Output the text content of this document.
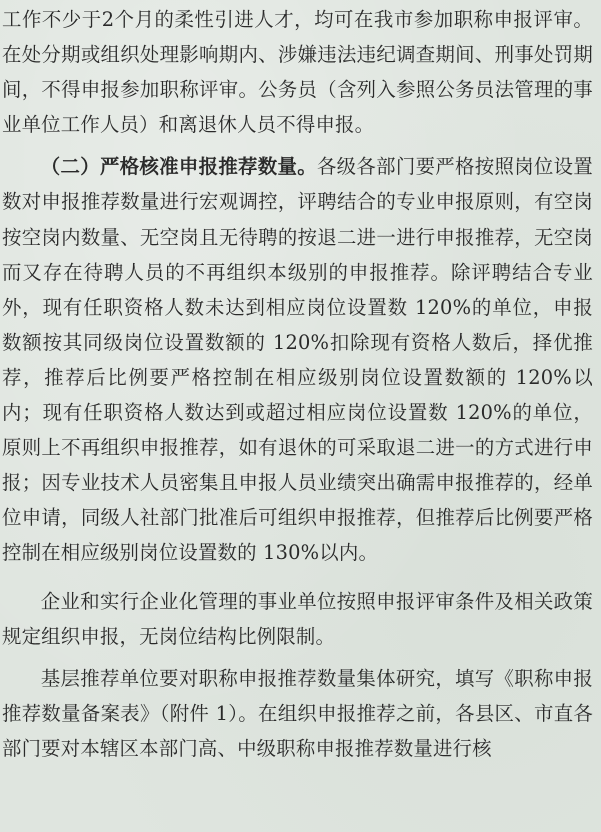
工作不少于2个月的柔性引进人才，均可在我市参加职称申报评审。在处分期或组织处理影响期内、涉嫌违法违纪调查期间、刑事处罚期间，不得申报参加职称评审。公务员（含列入参照公务员法管理的事业单位工作人员）和离退休人员不得申报。

（二）严格核准申报推荐数量。各级各部门要严格按照岗位设置数对申报推荐数量进行宏观调控，评聘结合的专业申报原则，有空岗按空岗内数量、无空岗且无待聘的按退二进一进行申报推荐，无空岗而又存在待聘人员的不再组织本级别的申报推荐。除评聘结合专业外，现有任职资格人数未达到相应岗位设置数 120%的单位，申报数额按其同级岗位设置数额的 120%扣除现有资格人数后，择优推荐，推荐后比例要严格控制在相应级别岗位设置数额的 120%以内；现有任职资格人数达到或超过相应岗位设置数 120%的单位，原则上不再组织申报推荐，如有退休的可采取退二进一的方式进行申报；因专业技术人员密集且申报人员业绩突出确需申报推荐的，经单位申请，同级人社部门批准后可组织申报推荐，但推荐后比例要严格控制在相应级别岗位设置数的 130%以内。

企业和实行企业化管理的事业单位按照申报评审条件及相关政策规定组织申报，无岗位结构比例限制。

基层推荐单位要对职称申报推荐数量集体研究，填写《职称申报推荐数量备案表》（附件 1）。在组织申报推荐之前，各县区、市直各部门要对本辖区本部门高、中级职称申报推荐数量进行核
